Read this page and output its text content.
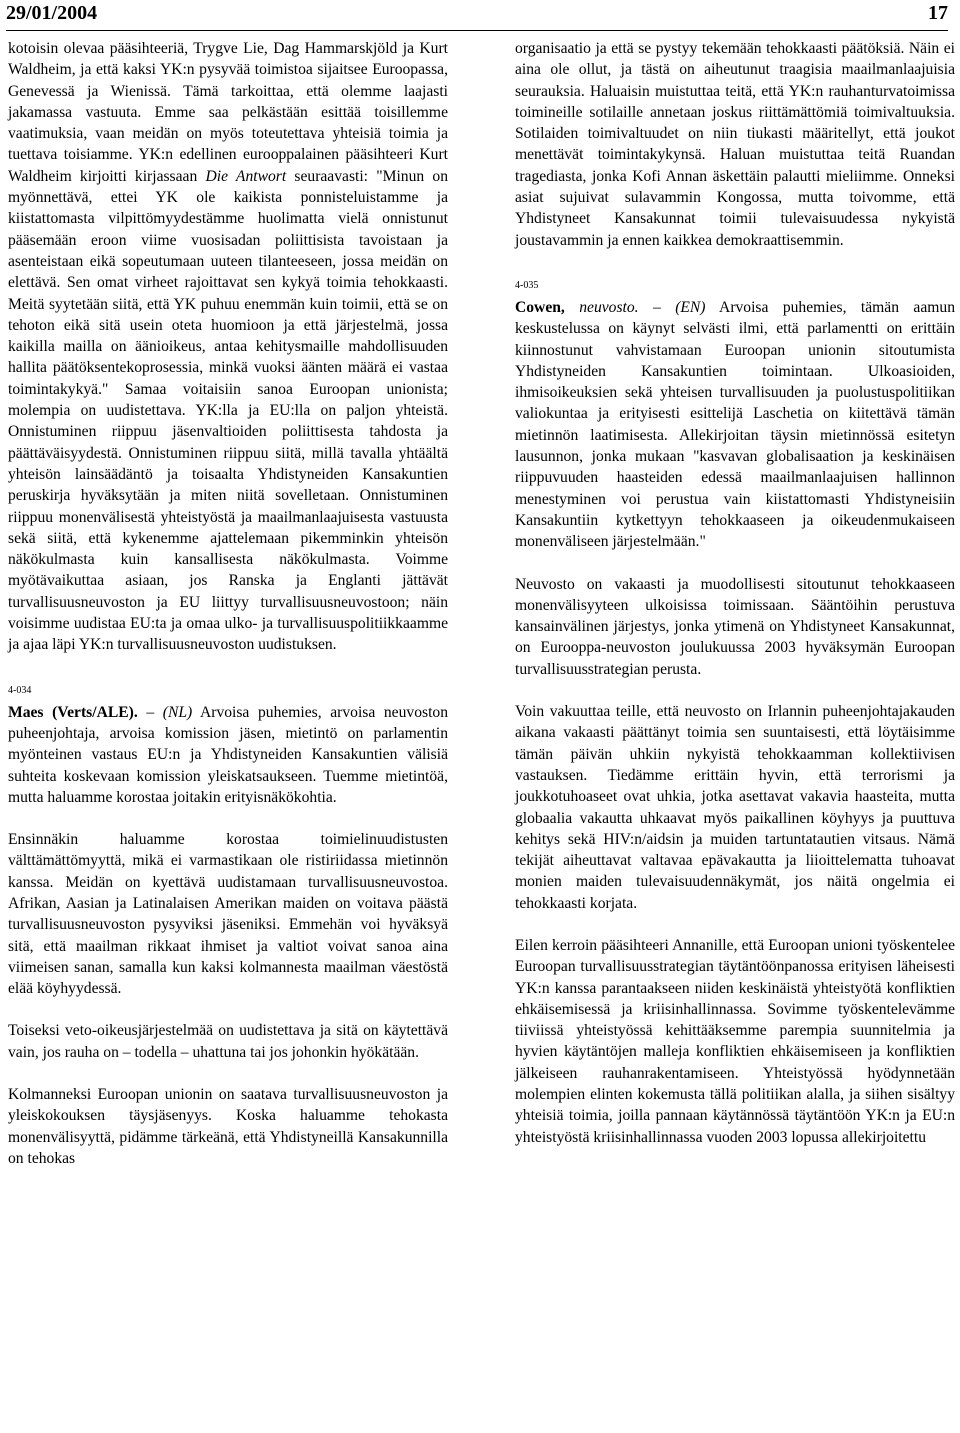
29/01/2004	17

kotoisin olevaa pääsihteeriä, Trygve Lie, Dag Hammarskjöld ja Kurt Waldheim, ja että kaksi YK:n pysyvää toimistoa sijaitsee Euroopassa, Genevessä ja Wienissä. Tämä tarkoittaa, että olemme laajasti jakamassa vastuuta. Emme saa pelkästään esittää toisillemme vaatimuksia, vaan meidän on myös toteutettava yhteisiä toimia ja tuettava toisiamme. YK:n edellinen eurooppalainen pääsihteeri Kurt Waldheim kirjoitti kirjassaan Die Antwort seuraavasti: "Minun on myönnettävä, ettei YK ole kaikista ponnisteluistamme ja kiistattomasta vilpittömyydestämme huolimatta vielä onnistunut pääsemään eroon viime vuosisadan poliittisista tavoistaan ja asenteistaan eikä sopeutumaan uuteen tilanteeseen, jossa meidän on elettävä. Sen omat virheet rajoittavat sen kykyä toimia tehokkaasti. Meitä syytetään siitä, että YK puhuu enemmän kuin toimii, että se on tehoton eikä sitä usein oteta huomioon ja että järjestelmä, jossa kaikilla mailla on äänioikeus, antaa kehitysmaille mahdollisuuden hallita päätöksentekoprosessia, minkä vuoksi äänten määrä ei vastaa toimintakykyä." Samaa voitaisiin sanoa Euroopan unionista; molempia on uudistettava. YK:lla ja EU:lla on paljon yhteistä. Onnistuminen riippuu jäsenvaltioiden poliittisesta tahdosta ja päättäväisyydestä. Onnistuminen riippuu siitä, millä tavalla yhtäältä yhteisön lainsäädäntö ja toisaalta Yhdistyneiden Kansakuntien peruskirja hyväksytään ja miten niitä sovelletaan. Onnistuminen riippuu monenvälisestä yhteistyöstä ja maailmanlaajuisesta vastuusta sekä siitä, että kykenemme ajattelemaan pikemminkin yhteisön näkökulmasta kuin kansallisesta näkökulmasta. Voimme myötävaikuttaa asiaan, jos Ranska ja Englanti jättävät turvallisuusneuvoston ja EU liittyy turvallisuusneuvostoon; näin voisimme uudistaa EU:ta ja omaa ulko- ja turvallisuuspolitiikkaamme ja ajaa läpi YK:n turvallisuusneuvoston uudistuksen.

4-034

Maes (Verts/ALE). – (NL) Arvoisa puhemies, arvoisa neuvoston puheenjohtaja, arvoisa komission jäsen, mietintö on parlamentin myönteinen vastaus EU:n ja Yhdistyneiden Kansakuntien välisiä suhteita koskevaan komission yleiskatsaukseen. Tuemme mietintöä, mutta haluamme korostaa joitakin erityisnäkökohtia.

Ensinnäkin haluamme korostaa toimielinuudistusten välttämättömyyttä, mikä ei varmastikaan ole ristiriidassa mietinnön kanssa. Meidän on kyettävä uudistamaan turvallisuusneuvostoa. Afrikan, Aasian ja Latinalaisen Amerikan maiden on voitava päästä turvallisuusneuvoston pysyviksi jäseniksi. Emmehän voi hyväksyä sitä, että maailman rikkaat ihmiset ja valtiot voivat sanoa aina viimeisen sanan, samalla kun kaksi kolmannesta maailman väestöstä elää köyhyydessä.

Toiseksi veto-oikeusjärjestelmää on uudistettava ja sitä on käytettävä vain, jos rauha on – todella – uhattuna tai jos johonkin hyökätään.

Kolmanneksi Euroopan unionin on saatava turvallisuusneuvoston ja yleiskokouksen täysjäsenyys. Koska haluamme tehokasta monenvälisyyttä, pidämme tärkeänä, että Yhdistyneillä Kansakunnilla on tehokas

organisaatio ja että se pystyy tekemään tehokkaasti päätöksiä. Näin ei aina ole ollut, ja tästä on aiheutunut traagisia maailmanlaajuisia seurauksia. Haluaisin muistuttaa teitä, että YK:n rauhanturvatoimissa toimineille sotilaille annetaan joskus riittämättömiä toimivaltuuksia. Sotilaiden toimivaltuudet on niin tiukasti määritellyt, että joukot menettävät toimintakykynsä. Haluan muistuttaa teitä Ruandan tragediasta, jonka Kofi Annan äskettäin palautti mieliimme. Onneksi asiat sujuivat sulavammin Kongossa, mutta toivomme, että Yhdistyneet Kansakunnat toimii tulevaisuudessa nykyistä joustavammin ja ennen kaikkea demokraattisemmin.

4-035

Cowen, neuvosto. – (EN) Arvoisa puhemies, tämän aamun keskustelussa on käynyt selvästi ilmi, että parlamentti on erittäin kiinnostunut vahvistamaan Euroopan unionin sitoutumista Yhdistyneiden Kansakuntien toimintaan. Ulkoasioiden, ihmisoikeuksien sekä yhteisen turvallisuuden ja puolustuspolitiikan valiokuntaa ja erityisesti esittelijä Laschetia on kiitettävä tämän mietinnön laatimisesta. Allekirjoitan täysin mietinnössä esitetyn lausunnon, jonka mukaan "kasvavan globalisaation ja keskinäisen riippuvuuden haasteiden edessä maailmanlaajuisen hallinnon menestyminen voi perustua vain kiistattomasti Yhdistyneisiin Kansakuntiin kytkettyyn tehokkaaseen ja oikeudenmukaiseen monenväliseen järjestelmään."

Neuvosto on vakaasti ja muodollisesti sitoutunut tehokkaaseen monenvälisyyteen ulkoisissa toimissaan. Sääntöihin perustuva kansainvälinen järjestys, jonka ytimenä on Yhdistyneet Kansakunnat, on Eurooppa-neuvoston joulukuussa 2003 hyväksymän Euroopan turvallisuusstrategian perusta.

Voin vakuuttaa teille, että neuvosto on Irlannin puheenjohtajakauden aikana vakaasti päättänyt toimia sen suuntaisesti, että löytäisimme tämän päivän uhkiin nykyistä tehokkaamman kollektiivisen vastauksen. Tiedämme erittäin hyvin, että terrorismi ja joukkotuhoaseet ovat uhkia, jotka asettavat vakavia haasteita, mutta globaalia vakautta uhkaavat myös paikallinen köyhyys ja puuttuva kehitys sekä HIV:n/aidsin ja muiden tartuntatautien vitsaus. Nämä tekijät aiheuttavat valtavaa epävakautta ja liioittelematta tuhoavat monien maiden tulevaisuudennäkymät, jos näitä ongelmia ei tehokkaasti korjata.

Eilen kerroin pääsihteeri Annanille, että Euroopan unioni työskentelee Euroopan turvallisuusstrategian täytäntöönpanossa erityisen läheisesti YK:n kanssa parantaakseen niiden keskinäistä yhteistyötä konfliktien ehkäisemisessä ja kriisinhallinnassa. Sovimme työskentelevämme tiiviissä yhteistyössä kehittääksemme parempia suunnitelmia ja hyvien käytäntöjen malleja konfliktien ehkäisemiseen ja konfliktien jälkeiseen rauhanrakentamiseen. Yhteistyössä hyödynnetään molempien elinten kokemusta tällä politiikan alalla, ja siihen sisältyy yhteisiä toimia, joilla pannaan käytännössä täytäntöön YK:n ja EU:n yhteistyöstä kriisinhallinnassa vuoden 2003 lopussa allekirjoitettu
